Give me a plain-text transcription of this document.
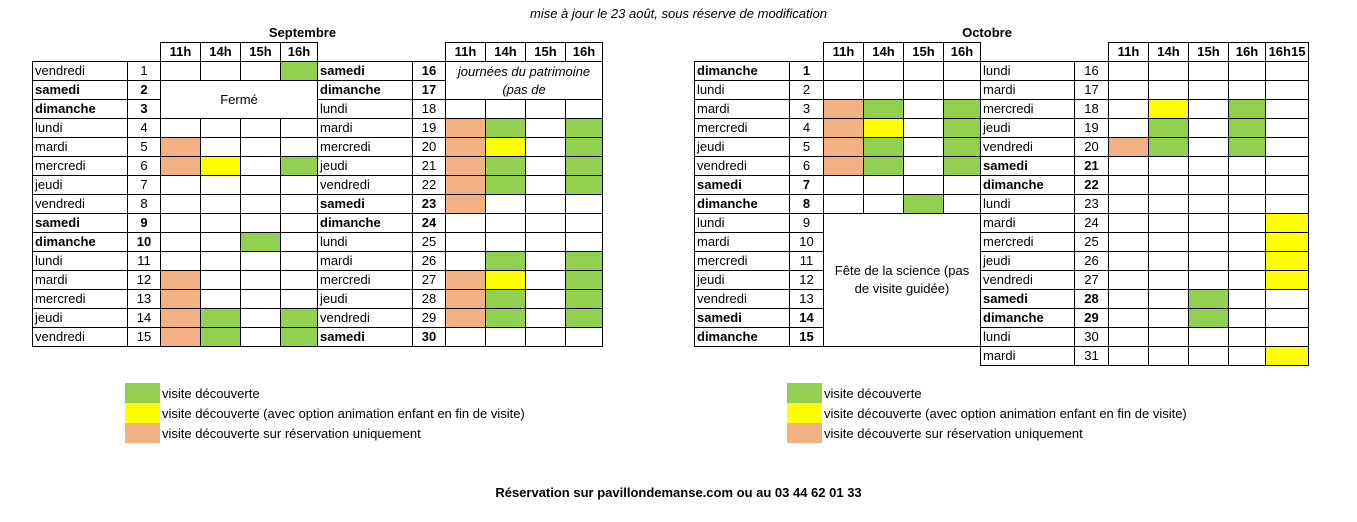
mise à jour le 23 août, sous réserve de modification
Septembre	Octobre
		11h	14h	15h	16h			11h	14h	15h	16h
vendredi	1					samedi	16	journées du patrimoine (pas de			
samedi	2	Fermé				dimanche	17				
dimanche	3					lundi	18				
lundi	4					mardi	19				
mardi	5					mercredi	20				
mercredi	6					jeudi	21				
jeudi	7					vendredi	22				
vendredi	8					samedi	23				
samedi	9					dimanche	24				
dimanche	10					lundi	25				
lundi	11					mardi	26				
mardi	12					mercredi	27				
mercredi	13					jeudi	28				
jeudi	14					vendredi	29				
vendredi	15					samedi	30				
		11h	14h	15h	16h			11h	14h	15h	16h	16h15
dimanche	1					lundi	16					
lundi	2					mardi	17					
mardi	3					mercredi	18					
mercredi	4					jeudi	19					
jeudi	5					vendredi	20					
vendredi	6					samedi	21					
samedi	7					dimanche	22					
dimanche	8					lundi	23					
lundi	9	Fête de la science (pas de visite guidée)				mardi	24					
mardi	10					mercredi	25					
mercredi	11					jeudi	26					
jeudi	12					vendredi	27					
vendredi	13					samedi	28					
samedi	14					dimanche	29					
dimanche	15					lundi	30					
						mardi	31					
visite découverte
visite découverte (avec option animation enfant en fin de visite)
visite découverte sur réservation uniquement
visite découverte
visite découverte (avec option animation enfant en fin de visite)
visite découverte sur réservation uniquement
Réservation sur pavillondemanse.com ou au 03 44 62 01 33
